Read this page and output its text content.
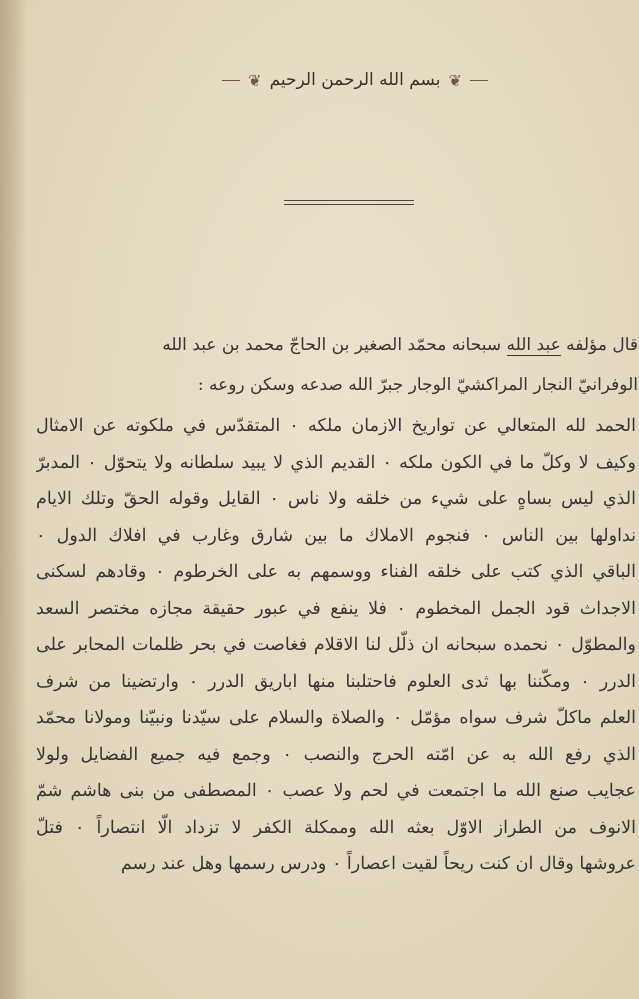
❦ بسم الله الرحمن الرحيم ❦
قال مؤلفه عبد الله سبحانه محمّد الصغير بن الحاجّ محمد بن عبد الله
الوفرانيّ النجار المراكشيّ الوجار جبرّ الله صدعه وسكن روعه :
الحمد لله المتعالي عن تواريخ الازمان ملكه ۰ المتقدّس في ملكوته عن الامثال
وكيف لا وكلّ ما في الكون ملكه ۰ القديم الذي لا يبيد سلطانه ولا يتحوّل ۰ المدبرّ
الذي ليس بساهٍ على شيء من خلقه ولا ناس ۰ القايل وقوله الحقّ وتلك الايام
نداولها بين الناس ۰ فنجوم الاملاك ما بين شارق وغارب في افلاك الدول ۰
الباقي الذي كتب على خلقه الفناء ووسمهم به على الخرطوم ۰ وقادهم لسكنى
الاجداث قود الجمل المخطوم ۰ فلا ينفع في عبور حقيقة مجازه مختصر السعد
والمطوّل ۰ نحمده سبحانه ان ذلّل لنا الاقلام فغاصت في بحر ظلمات المحابر على
الدرر ۰ ومكّننا بها ثدى العلوم فاحتلبنا منها اباريق الدرر ۰ وارتضينا من شرف
العلم ماكلّ شرف سواه مؤمّل ۰ والصلاة والسلام على سيّدنا ونبيّنا ومولانا محمّد
الذي رفع الله به عن امّته الحرج والنصب ۰ وجمع فيه جميع الفضايل ولولا
عجايب صنع الله ما اجتمعت في لحم ولا عصب ۰ المصطفى من بنى هاشم شمّ
الانوف من الطراز الاوّل بعثه الله وممكلة الكفر لا تزداد الّا انتصاراً ۰ فتلّ
عروشها وقال ان كنت ريحاً لقيت اعصاراً ۰ ودرس رسمها وهل عند رسم
